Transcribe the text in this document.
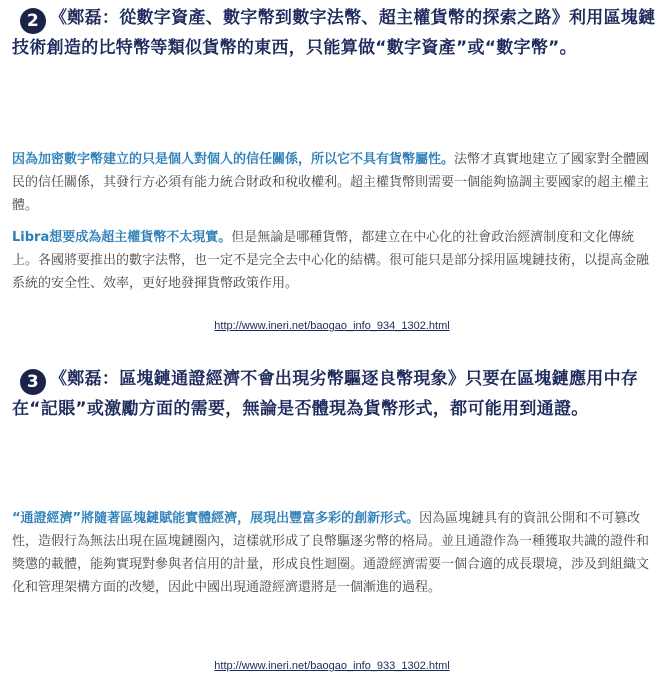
2 《鄭磊：從數字資產、數字幣到數字法幣、超主權貨幣的探索之路》利用區塊鏈技術創造的比特幣等類似貨幣的東西，只能算做“數字資產”或“數字幣”。
因為加密數字幣建立的只是個人對個人的信任關係，所以它不具有貨幣屬性。法幣才真實地建立了國家對全體國民的信任關係，其發行方必須有能力統合財政和稅收權利。超主權貨幣則需要一個能夠協調主要國家的超主權主體。
Libra想要成為超主權貨幣不太現實。但是無論是哪種貨幣，都建立在中心化的社會政治經濟制度和文化傳統上。各國將要推出的數字法幣，也一定不是完全去中心化的結構。很可能只是部分採用區塊鏈技術，以提高金融系統的安全性、效率，更好地發揮貨幣政策作用。
http://www.ineri.net/baogao_info_934_1302.html
3 《鄭磊：區塊鏈通證經濟不會出現劣幣驅逐良幣現象》只要在區塊鏈應用中存在“記賬”或激勵方面的需要，無論是否體現為貨幣形式，都可能用到通證。
“通證經濟”將隨著區塊鏈賦能實體經濟，展現出豐富多彩的創新形式。因為區塊鏈具有的資訊公開和不可篡改性，造假行為無法出現在區塊鏈圈內，這樣就形成了良幣驅逐劣幣的格局。並且通證作為一種獲取共識的證件和獎懲的載體，能夠實現對參與者信用的計量，形成良性迴圈。通證經濟需要一個合適的成長環境，涉及到組織文化和管理架構方面的改變，因此中國出現通證經濟還將是一個漸進的過程。
http://www.ineri.net/baogao_info_933_1302.html
